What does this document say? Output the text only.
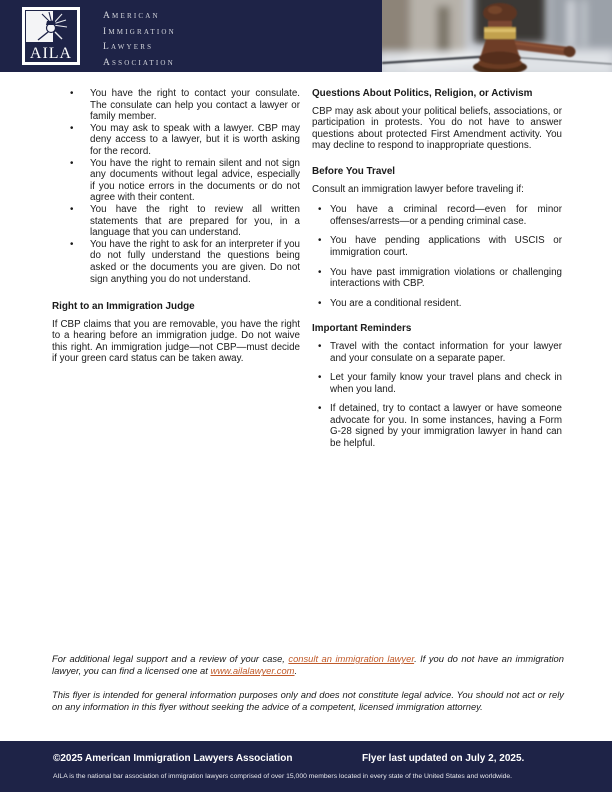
AILA
American
Immigration
Lawyers
Association
•	You have the right to contact your consulate. The consulate can help you contact a lawyer or family member.
•	You may ask to speak with a lawyer. CBP may deny access to a lawyer, but it is worth asking for the record.
•	You have the right to remain silent and not sign any documents without legal advice, especially if you notice errors in the documents or do not agree with their content.
•	You have the right to review all written statements that are prepared for you, in a language that you can understand.
•	You have the right to ask for an interpreter if you do not fully understand the questions being asked or the documents you are given. Do not sign anything you do not understand.
Right to an Immigration Judge

If CBP claims that you are removable, you have the right to a hearing before an immigration judge. Do not waive this right. An immigration judge—not CBP—must decide if your green card status can be taken away.

Questions About Politics, Religion, or Activism

CBP may ask about your political beliefs, associations, or participation in protests. You do not have to answer questions about protected First Amendment activity. You may decline to respond to inappropriate questions.

Before You Travel

Consult an immigration lawyer before traveling if:

• You have a criminal record—even for minor offenses/arrests—or a pending criminal case.
• You have pending applications with USCIS or immigration court.
• You have past immigration violations or challenging interactions with CBP.
• You are a conditional resident.
Important Reminders
• Travel with the contact information for your lawyer and your consulate on a separate paper.
• Let your family know your travel plans and check in when you land.
• If detained, try to contact a lawyer or have someone advocate for you. In some instances, having a Form G-28 signed by your immigration lawyer in hand can be helpful.

For additional legal support and a review of your case, consult an immigration lawyer. If you do not have an immigration lawyer, you can find a licensed one at www.ailalawyer.com.

This flyer is intended for general information purposes only and does not constitute legal advice. You should not act or rely on any information in this flyer without seeking the advice of a competent, licensed immigration attorney.

©2025 American Immigration Lawyers Association	Flyer last updated on July 2, 2025.
AILA is the national bar association of immigration lawyers comprised of over 15,000 members located in every state of the United States and worldwide.
